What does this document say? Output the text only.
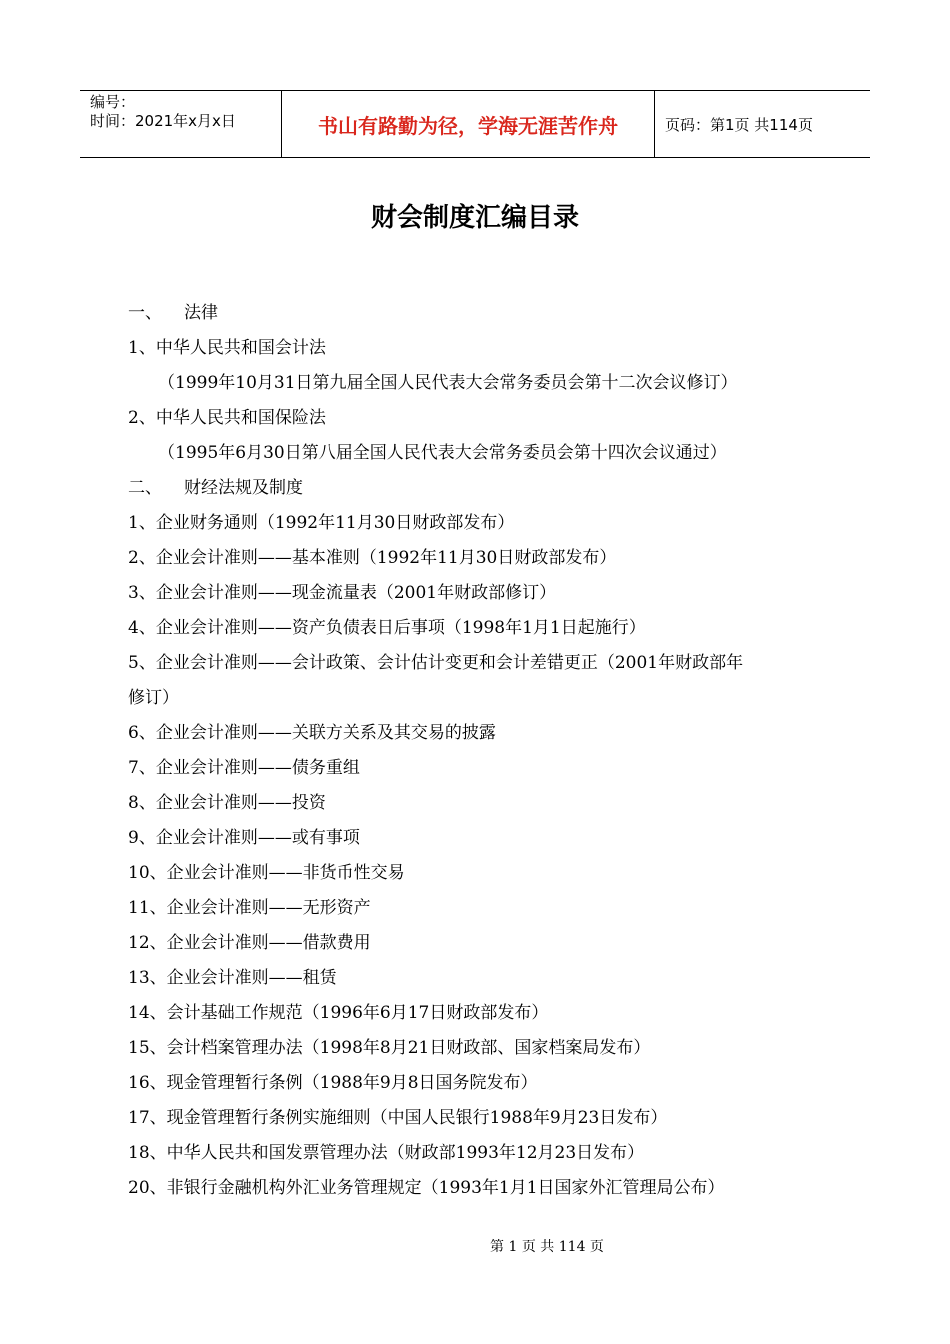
编号：
时间：2021年x月x日	书山有路勤为径，学海无涯苦作舟	页码：第1页 共114页
财会制度汇编目录
一、 法律
1、中华人民共和国会计法
（1999年10月31日第九届全国人民代表大会常务委员会第十二次会议修订）
2、中华人民共和国保险法
（1995年6月30日第八届全国人民代表大会常务委员会第十四次会议通过）
二、 财经法规及制度
1、企业财务通则（1992年11月30日财政部发布）
2、企业会计准则——基本准则（1992年11月30日财政部发布）
3、企业会计准则——现金流量表（2001年财政部修订）
4、企业会计准则——资产负债表日后事项（1998年1月1日起施行）
5、企业会计准则——会计政策、会计估计变更和会计差错更正（2001年财政部年
修订）
6、企业会计准则——关联方关系及其交易的披露
7、企业会计准则——债务重组
8、企业会计准则——投资
9、企业会计准则——或有事项
10、企业会计准则——非货币性交易
11、企业会计准则——无形资产
12、企业会计准则——借款费用
13、企业会计准则——租赁
14、会计基础工作规范（1996年6月17日财政部发布）
15、会计档案管理办法（1998年8月21日财政部、国家档案局发布）
16、现金管理暂行条例（1988年9月8日国务院发布）
17、现金管理暂行条例实施细则（中国人民银行1988年9月23日发布）
18、中华人民共和国发票管理办法（财政部1993年12月23日发布）
20、非银行金融机构外汇业务管理规定（1993年1月1日国家外汇管理局公布）
第 1 页 共 114 页
